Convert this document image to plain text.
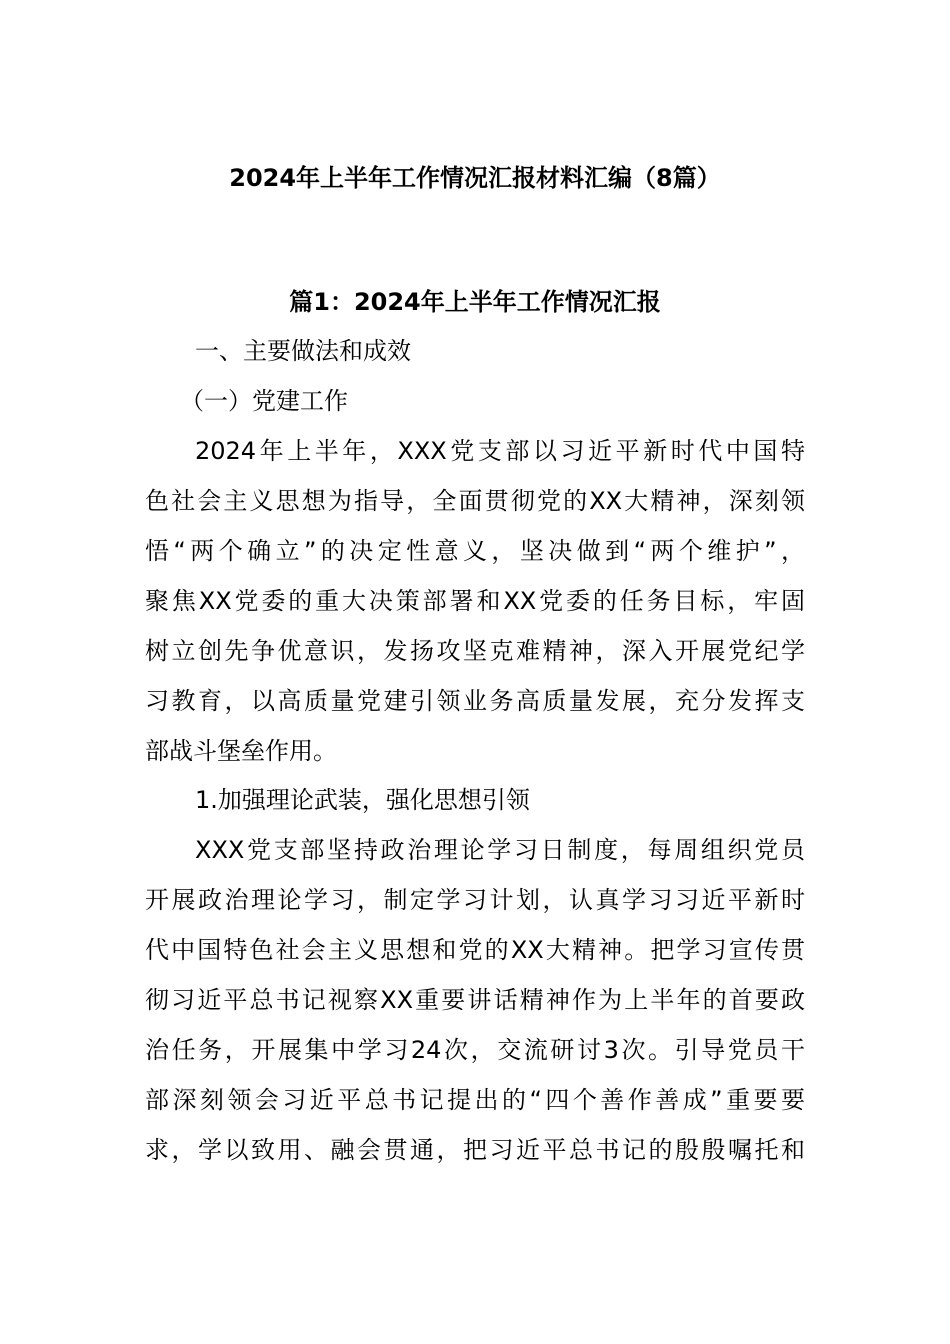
2024年上半年工作情况汇报材料汇编（8篇）
篇1：2024年上半年工作情况汇报
一、主要做法和成效
（一）党建工作
2024年上半年，XXX党支部以习近平新时代中国特
色社会主义思想为指导，全面贯彻党的XX大精神，深刻领
悟“两个确立”的决定性意义，坚决做到“两个维护”，
聚焦XX党委的重大决策部署和XX党委的任务目标，牢固
树立创先争优意识，发扬攻坚克难精神，深入开展党纪学
习教育，以高质量党建引领业务高质量发展，充分发挥支
部战斗堡垒作用。
1.加强理论武装，强化思想引领
XXX党支部坚持政治理论学习日制度，每周组织党员
开展政治理论学习，制定学习计划，认真学习习近平新时
代中国特色社会主义思想和党的XX大精神。把学习宣传贯
彻习近平总书记视察XX重要讲话精神作为上半年的首要政
治任务，开展集中学习24次，交流研讨3次。引导党员干
部深刻领会习近平总书记提出的“四个善作善成”重要要
求，学以致用、融会贯通，把习近平总书记的殷殷嘱托和
